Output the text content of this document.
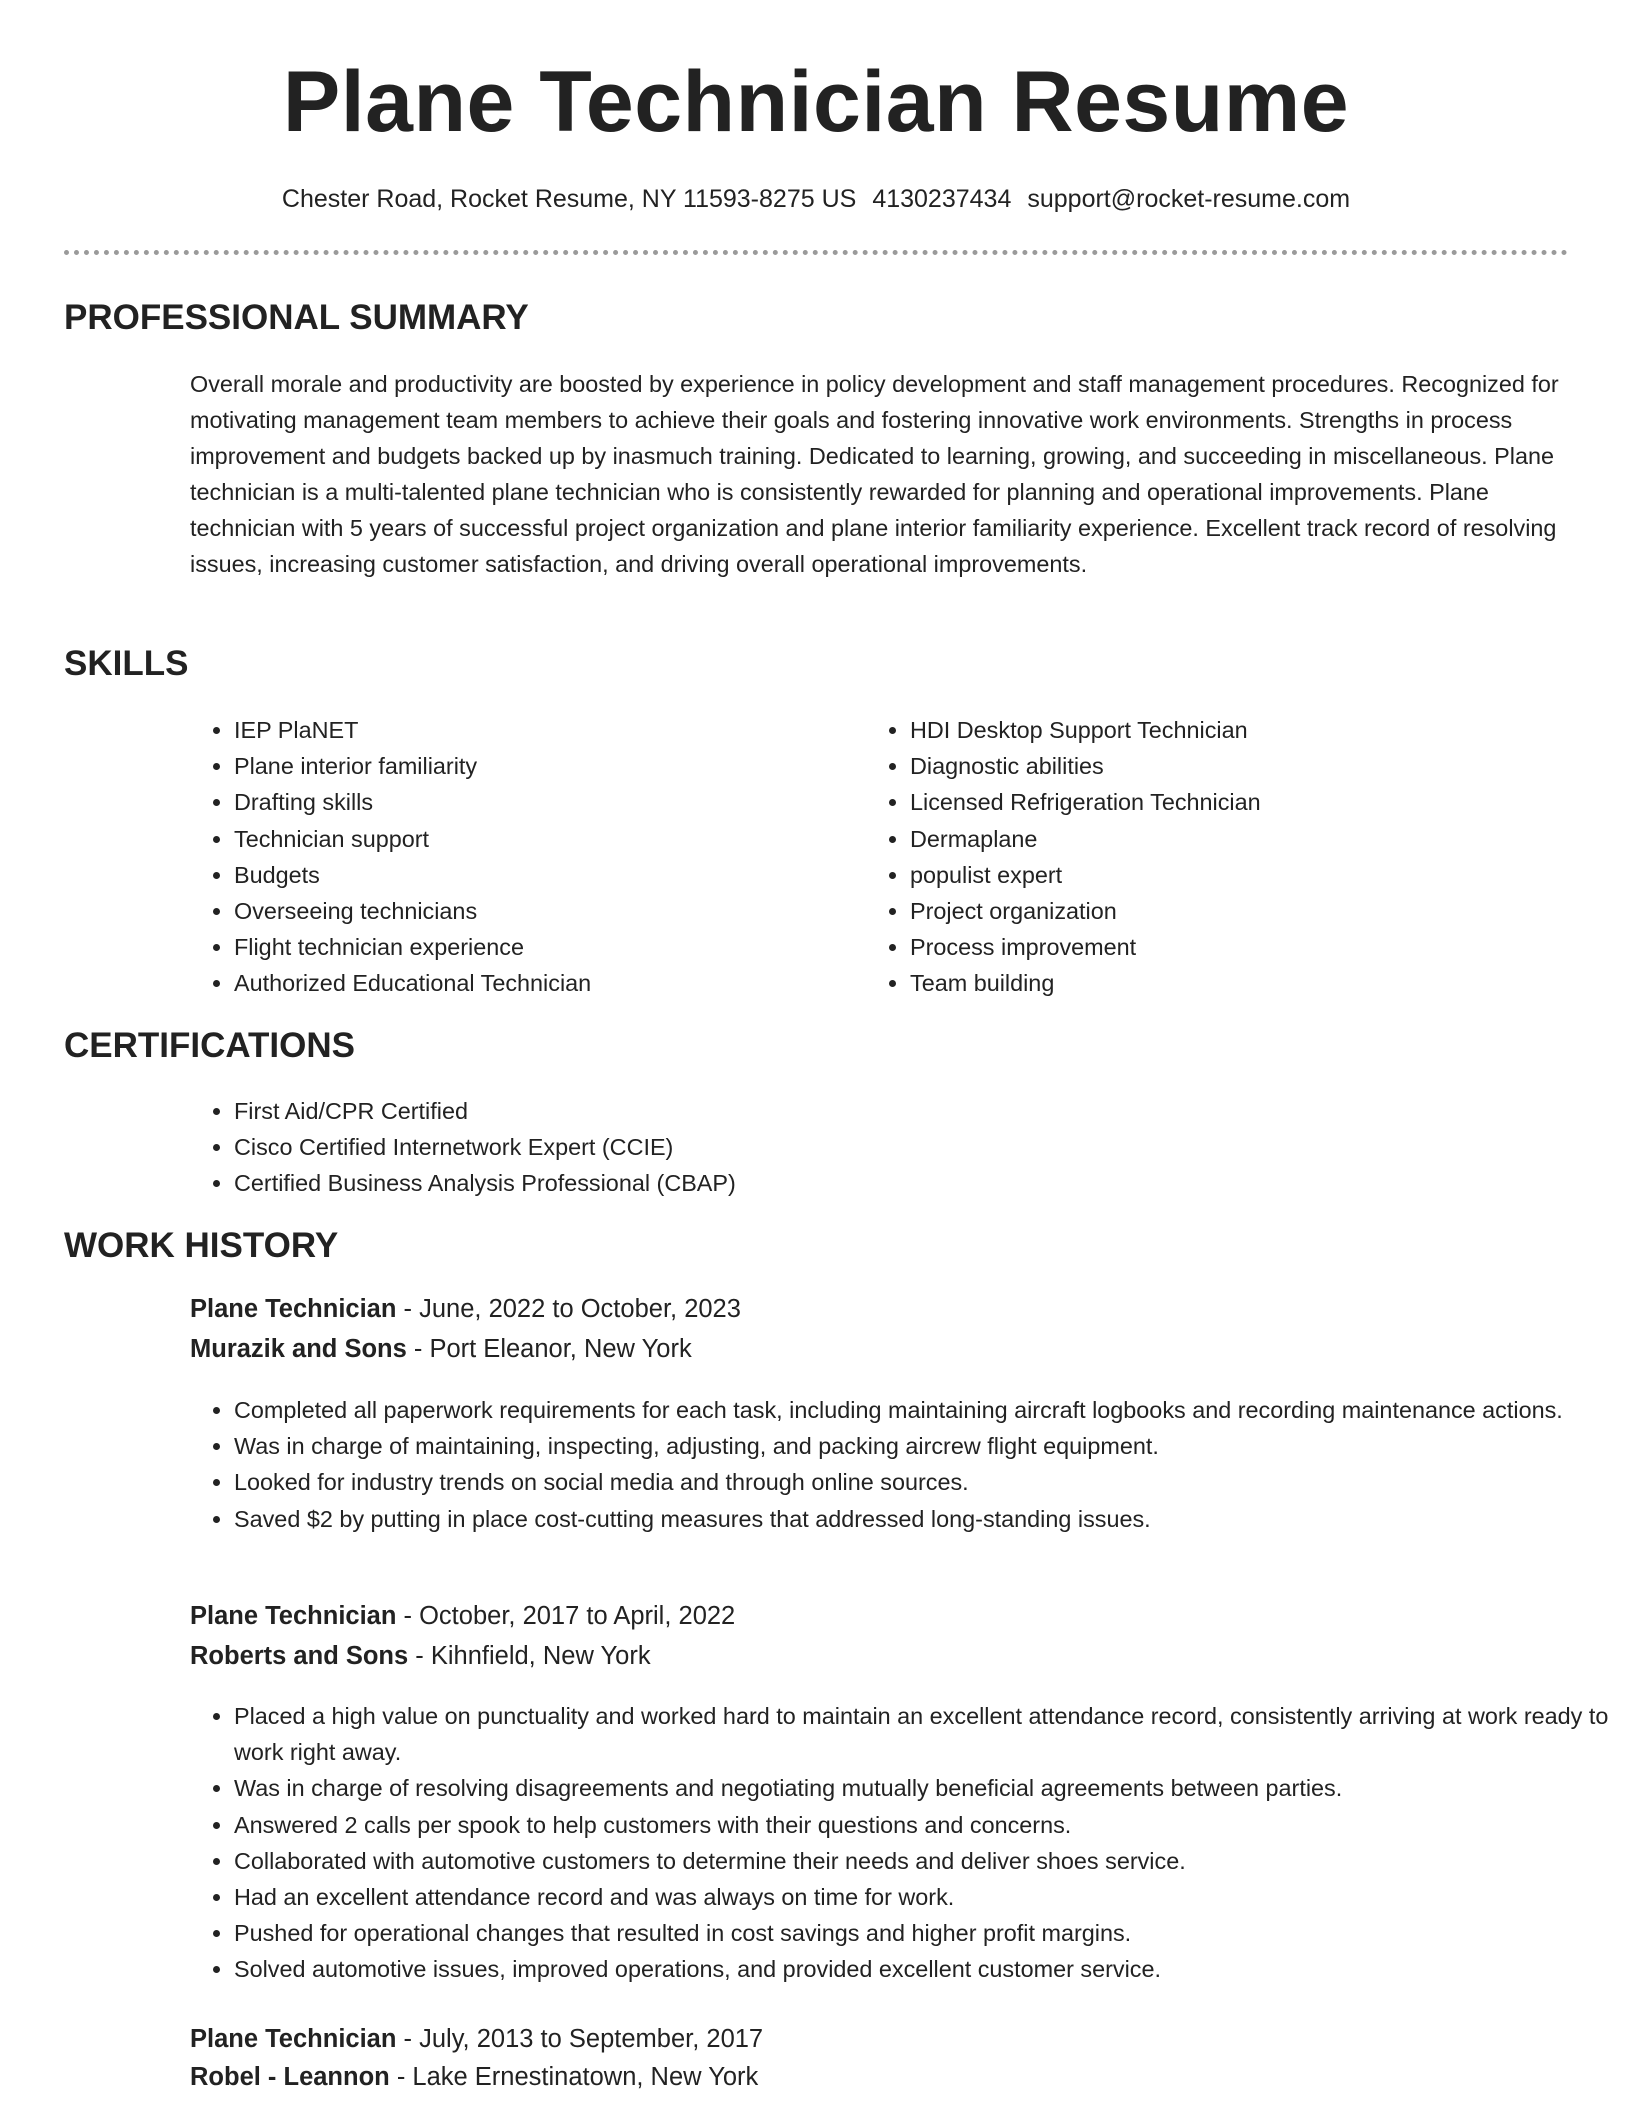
Plane Technician Resume
Chester Road, Rocket Resume, NY 11593-8275 US 4130237434 support@rocket-resume.com
PROFESSIONAL SUMMARY

Overall morale and productivity are boosted by experience in policy development and staff management procedures. Recognized for motivating management team members to achieve their goals and fostering innovative work environments. Strengths in process improvement and budgets backed up by inasmuch training. Dedicated to learning, growing, and succeeding in miscellaneous. Plane technician is a multi-talented plane technician who is consistently rewarded for planning and operational improvements. Plane technician with 5 years of successful project organization and plane interior familiarity experience. Excellent track record of resolving issues, increasing customer satisfaction, and driving overall operational improvements.

SKILLS
• IEP PlaNET
• Plane interior familiarity
• Drafting skills
• Technician support
• Budgets
• Overseeing technicians
• Flight technician experience
• Authorized Educational Technician
• HDI Desktop Support Technician
• Diagnostic abilities
• Licensed Refrigeration Technician
• Dermaplane
• populist expert
• Project organization
• Process improvement
• Team building
CERTIFICATIONS
• First Aid/CPR Certified
• Cisco Certified Internetwork Expert (CCIE)
• Certified Business Analysis Professional (CBAP)
WORK HISTORY
Plane Technician - June, 2022 to October, 2023
Murazik and Sons - Port Eleanor, New York
• Completed all paperwork requirements for each task, including maintaining aircraft logbooks and recording maintenance actions.
• Was in charge of maintaining, inspecting, adjusting, and packing aircrew flight equipment.
• Looked for industry trends on social media and through online sources.
• Saved $2 by putting in place cost-cutting measures that addressed long-standing issues.
Plane Technician - October, 2017 to April, 2022
Roberts and Sons - Kihnfield, New York
• Placed a high value on punctuality and worked hard to maintain an excellent attendance record, consistently arriving at work ready to work right away.
• Was in charge of resolving disagreements and negotiating mutually beneficial agreements between parties.
• Answered 2 calls per spook to help customers with their questions and concerns.
• Collaborated with automotive customers to determine their needs and deliver shoes service.
• Had an excellent attendance record and was always on time for work.
• Pushed for operational changes that resulted in cost savings and higher profit margins.
• Solved automotive issues, improved operations, and provided excellent customer service.
Plane Technician - July, 2013 to September, 2017
Robel - Leannon - Lake Ernestinatown, New York
